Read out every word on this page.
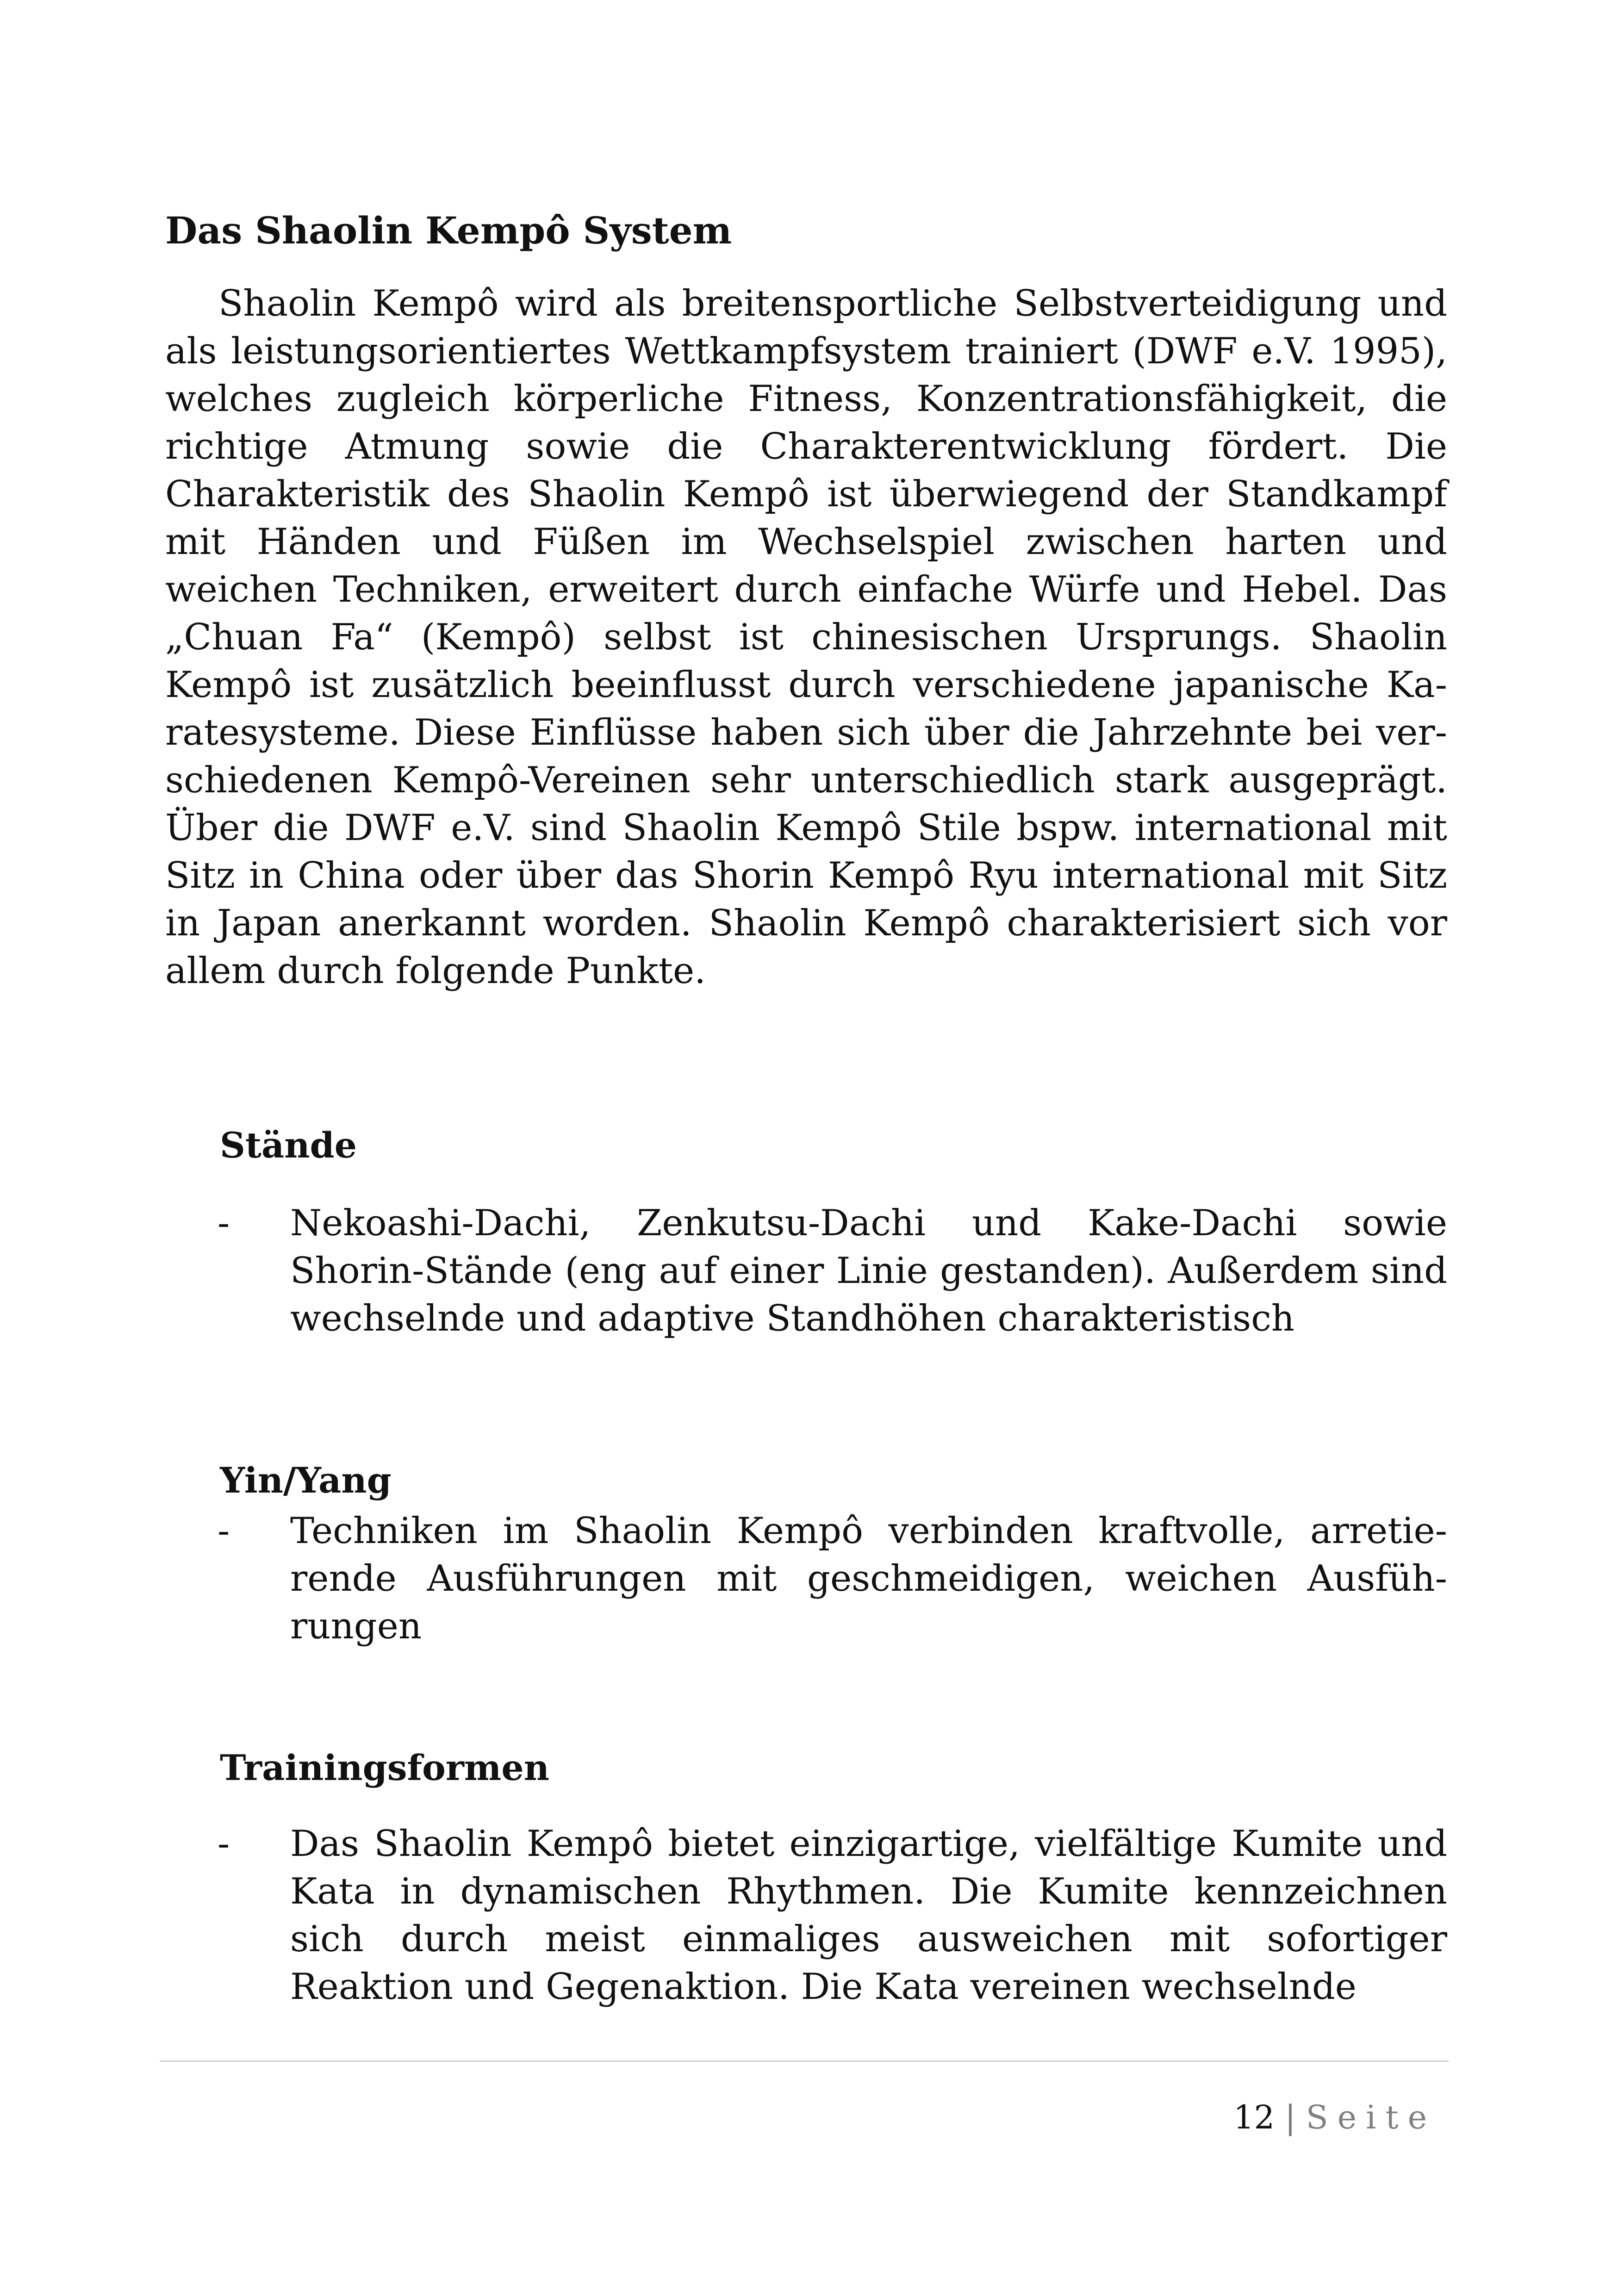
Das Shaolin Kempô System

Shaolin Kempô wird als breitensportliche Selbstverteidigung und als leistungsorientiertes Wettkampfsystem trainiert (DWF e.V. 1995), welches zugleich körperliche Fitness, Konzentrationsfähigkeit, die richtige Atmung sowie die Charakterentwicklung fördert. Die Charakteristik des Shaolin Kempô ist überwiegend der Standkampf mit Händen und Füßen im Wechselspiel zwischen harten und weichen Techniken, erweitert durch einfache Würfe und Hebel. Das „Chuan Fa“ (Kempô) selbst ist chinesischen Ursprungs. Shaolin Kempô ist zusätzlich beeinflusst durch verschiedene japanische Karatesysteme. Diese Einflüsse haben sich über die Jahrzehnte bei verschiedenen Kempô-Vereinen sehr unterschiedlich stark ausgeprägt. Über die DWF e.V. sind Shaolin Kempô Stile bspw. international mit Sitz in China oder über das Shorin Kempô Ryu international mit Sitz in Japan anerkannt worden. Shaolin Kempô charakterisiert sich vor allem durch folgende Punkte.

Stände
- Nekoashi-Dachi, Zenkutsu-Dachi und Kake-Dachi sowie Shorin-Stände (eng auf einer Linie gestanden). Außerdem sind wechselnde und adaptive Standhöhen charakteristisch

Yin/Yang
- Techniken im Shaolin Kempô verbinden kraftvolle, arretierende Ausführungen mit geschmeidigen, weichen Ausführungen

Trainingsformen
- Das Shaolin Kempô bietet einzigartige, vielfältige Kumite und Kata in dynamischen Rhythmen. Die Kumite kennzeichnen sich durch meist einmaliges ausweichen mit sofortiger Reaktion und Gegenaktion. Die Kata vereinen wechselnde

12 | Seite
